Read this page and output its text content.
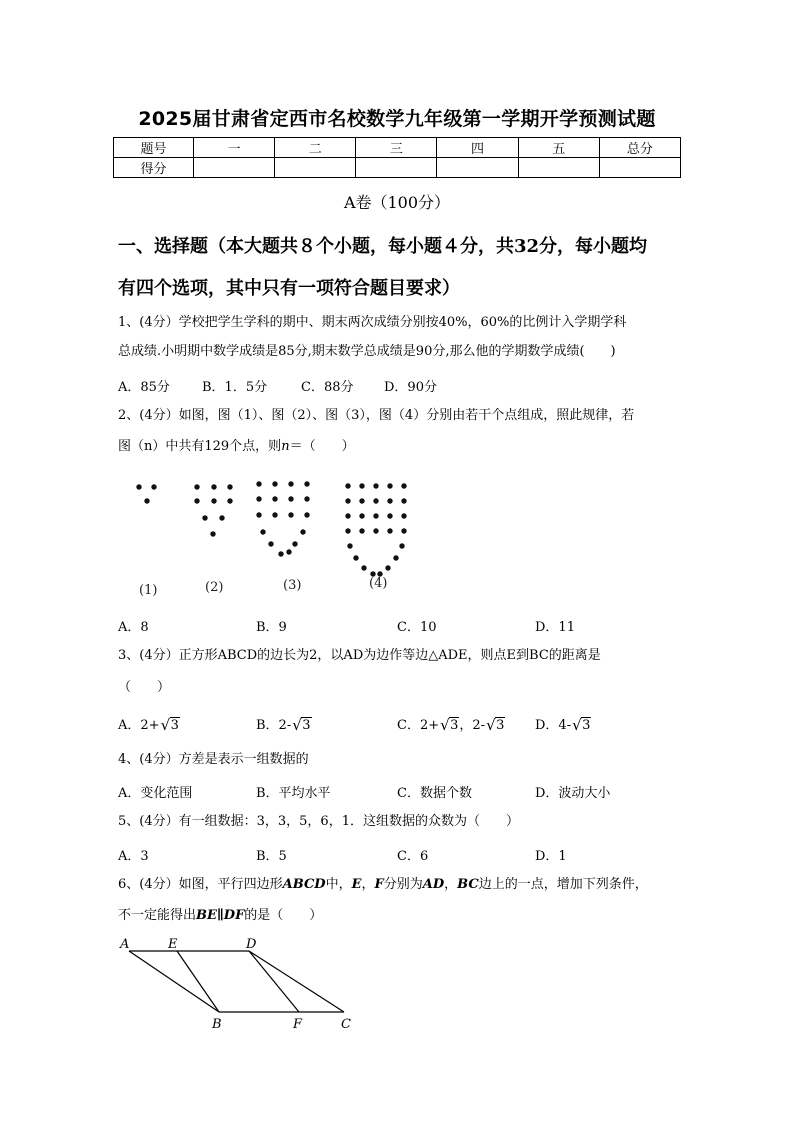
2025届甘肃省定西市名校数学九年级第一学期开学预测试题
题号	一	二	三	四	五	总分
得分						
A卷（100分）
一、选择题（本大题共８个小题，每小题４分，共32分，每小题均
有四个选项，其中只有一项符合题目要求）
1、(4分）学校把学生学科的期中、期末两次成绩分别按40%，60%的比例计入学期学科
总成绩.小明期中数学成绩是85分,期末数学总成绩是90分,那么他的学期数学成绩(　　)
A．85分 B．1．5分	C．88分 D．90分
2、(4分）如图，图（1）、图（2）、图（3），图（4）分别由若干个点组成，照此规律，若
图（n）中共有129个点，则n＝（　　）
(1)	(2)	(3)	(4)
A．8	B．9	C．10	D．11
3、(4分）正方形ABCD的边长为2，以AD为边作等边△ADE，则点E到BC的距离是
（　　）
A．2+ √ 3	B．2- √ 3	C．2+ √ 3，2- √ 3 D．4- √ 3
4、(4分）方差是表示一组数据的
A．变化范围	B．平均水平	C．数据个数	D．波动大小
5、(4分）有一组数据：3，3，5，6，1．这组数据的众数为（　　）
A．3	B．5	C．6	D．1
6、(4分）如图，平行四边形ABCD中，E，F分别为AD，BC边上的一点，增加下列条件，
不一定能得出BE∥DF的是（　　）
A	E	D
B	F	C
